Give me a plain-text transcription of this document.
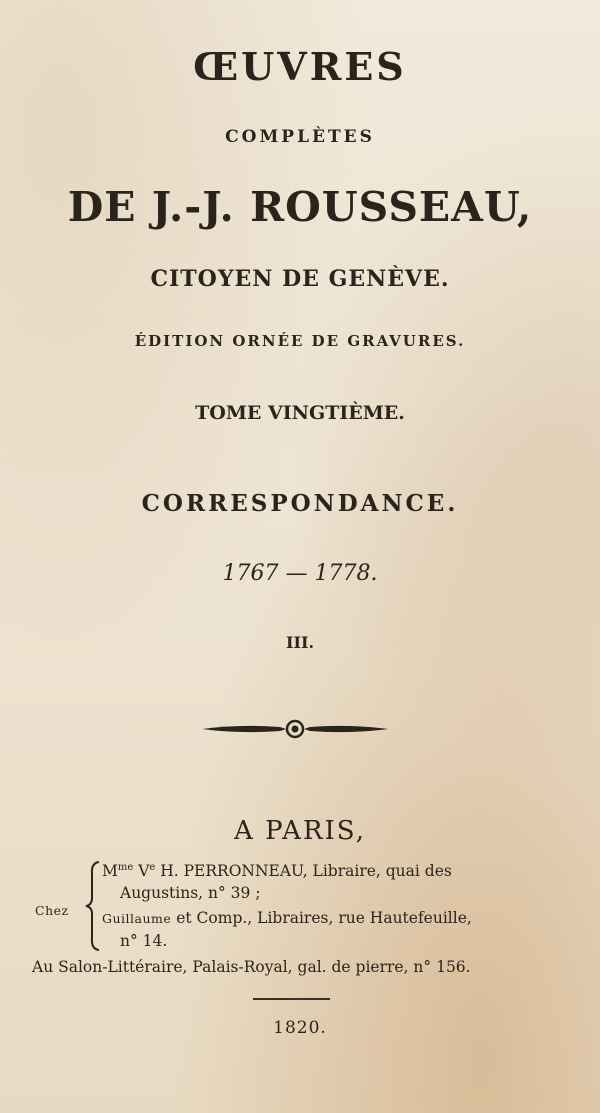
ŒUVRES
COMPLÈTES
DE J.-J. ROUSSEAU,
CITOYEN DE GENÈVE.
ÉDITION ORNÉE DE GRAVURES.
TOME VINGTIÈME.
CORRESPONDANCE.
1767 — 1778.
III.
A PARIS,
Chez
$M^{me}$ Ve H. PERRONNEAU, Libraire, quai des
Augustins, n° 39 ;
Guillaume et Comp., Libraires, rue Hautefeuille,
n° 14.
Au Salon-Littéraire, Palais-Royal, gal. de pierre, n° 156.
1820.
